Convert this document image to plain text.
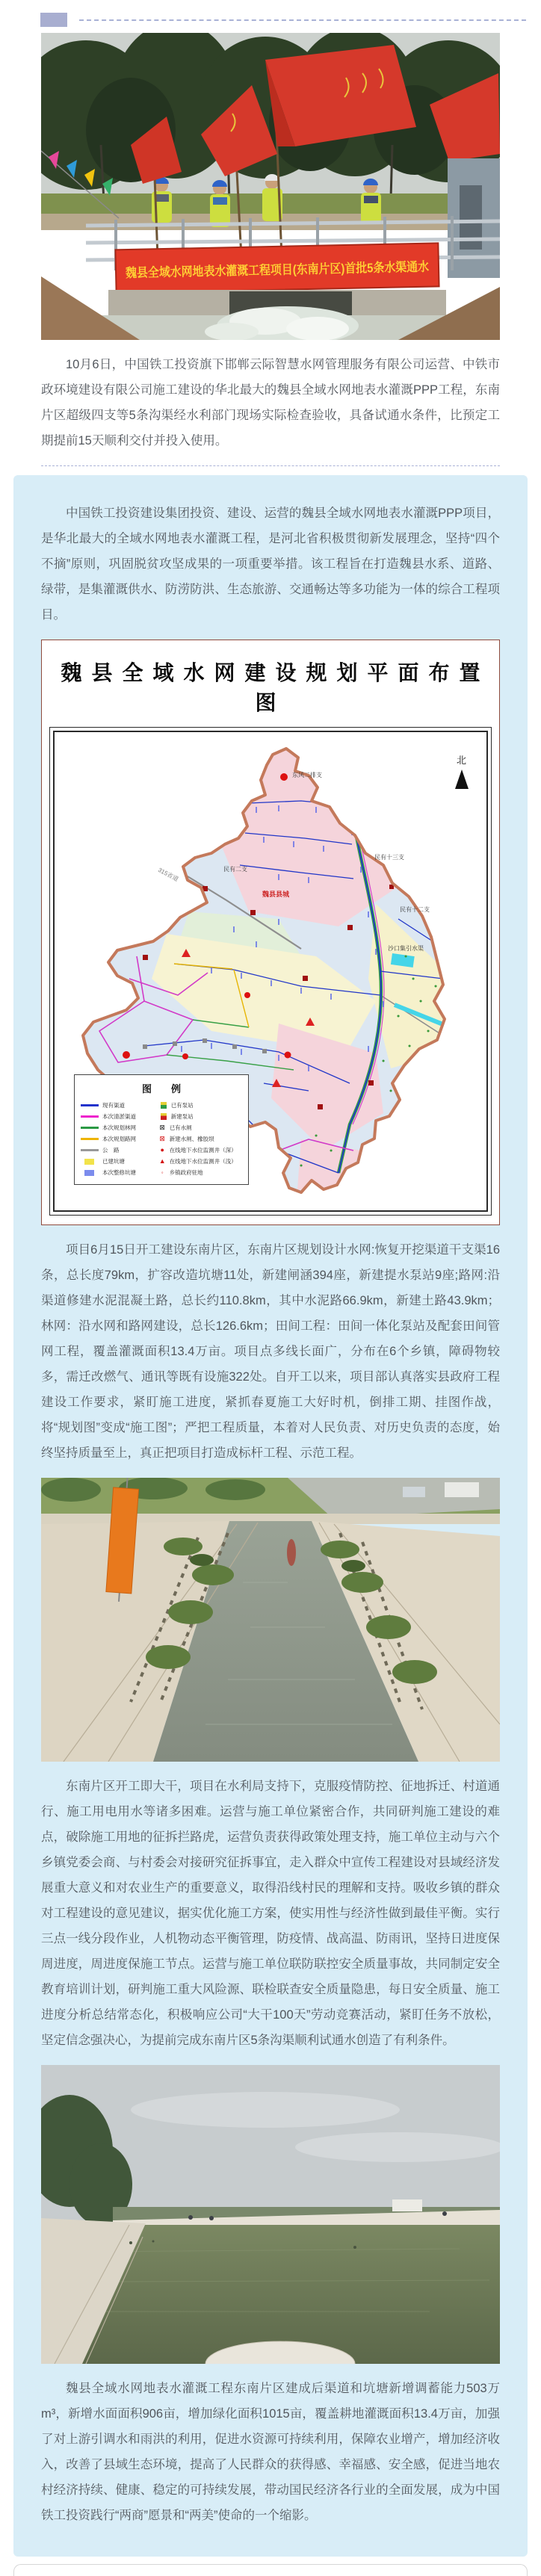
魏县全域水网地表水灌溉工程项目(东南片区)首批5条水渠通水

10月6日，中国铁工投资旗下邯郸云际智慧水网管理服务有限公司运营、中铁市政环境建设有限公司施工建设的华北最大的魏县全域水网地表水灌溉PPP工程，东南片区超级四支等5条沟渠经水利部门现场实际检查验收，具备试通水条件，比预定工期提前15天顺利交付并投入使用。

中国铁工投资建设集团投资、建设、运营的魏县全域水网地表水灌溉PPP项目，是华北最大的全域水网地表水灌溉工程，是河北省积极贯彻新发展理念，坚持“四个不摘”原则，巩固脱贫攻坚成果的一项重要举措。该工程旨在打造魏县水系、道路、绿带，是集灌溉供水、防涝防洪、生态旅游、交通畅达等多功能为一体的综合工程项目。

魏县全域水网建设规划平面布置图
东风二排支
民有二支
民有十三支
民有十二支
沙口集引水渠
315省道
魏县县城
北
图　　例
现有渠道
本次清淤渠道
本次规划林网
本次规划路网
公　路
已建坑塘
本次整修坑塘
已有泵站
新建泵站
⊠ 已有水闸
⊠ 新建水闸、橡胶坝
● 在线地下水位监测井（深）
▲ 在线地下水位监测井（浅）
◦	乡镇政府驻地

项目6月15日开工建设东南片区，东南片区规划设计水网:恢复开挖渠道干支渠16条，总长度79km，扩容改造坑塘11处，新建闸涵394座，新建提水泵站9座;路网:沿渠道修建水泥混凝土路，总长约110.8km，其中水泥路66.9km，新建土路43.9km；林网：沿水网和路网建设，总长126.6km；田间工程：田间一体化泵站及配套田间管网工程，覆盖灌溉面积13.4万亩。项目点多线长面广，分布在6个乡镇，障碍物较多，需迁改燃气、通讯等既有设施322处。自开工以来，项目部认真落实县政府工程建设工作要求，紧盯施工进度，紧抓春夏施工大好时机，倒排工期、挂图作战，将“规划图”变成“施工图”；严把工程质量，本着对人民负责、对历史负责的态度，始终坚持质量至上，真正把项目打造成标杆工程、示范工程。

东南片区开工即大干，项目在水利局支持下，克服疫情防控、征地拆迁、村道通行、施工用电用水等诸多困难。运营与施工单位紧密合作，共同研判施工建设的难点，破除施工用地的征拆拦路虎，运营负责获得政策处理支持，施工单位主动与六个乡镇党委会商、与村委会对接研究征拆事宜，走入群众中宣传工程建设对县域经济发展重大意义和对农业生产的重要意义，取得沿线村民的理解和支持。吸收乡镇的群众对工程建设的意见建议，据实优化施工方案，使实用性与经济性做到最佳平衡。实行三点一线分段作业，人机物动态平衡管理，防疫情、战高温、防雨讯，坚持日进度保周进度，周进度保施工节点。运营与施工单位联防联控安全质量事故，共同制定安全教育培训计划，研判施工重大风险源、联检联查安全质量隐患，每日安全质量、施工进度分析总结常态化，积极响应公司“大干100天”劳动竞赛活动，紧盯任务不放松，坚定信念强决心，为提前完成东南片区5条沟渠顺利试通水创造了有利条件。

魏县全域水网地表水灌溉工程东南片区建成后渠道和坑塘新增调蓄能力503万m³，新增水面面积906亩，增加绿化面积1015亩，覆盖耕地灌溉面积13.4万亩，加强了对上游引调水和雨洪的利用，促进水资源可持续利用，保障农业增产，增加经济收入，改善了县域生态环境，提高了人民群众的获得感、幸福感、安全感，促进当地农村经济持续、健康、稳定的可持续发展，带动国民经济各行业的全面发展，成为中国铁工投资践行“两商”愿景和“两美”使命的一个缩影。
